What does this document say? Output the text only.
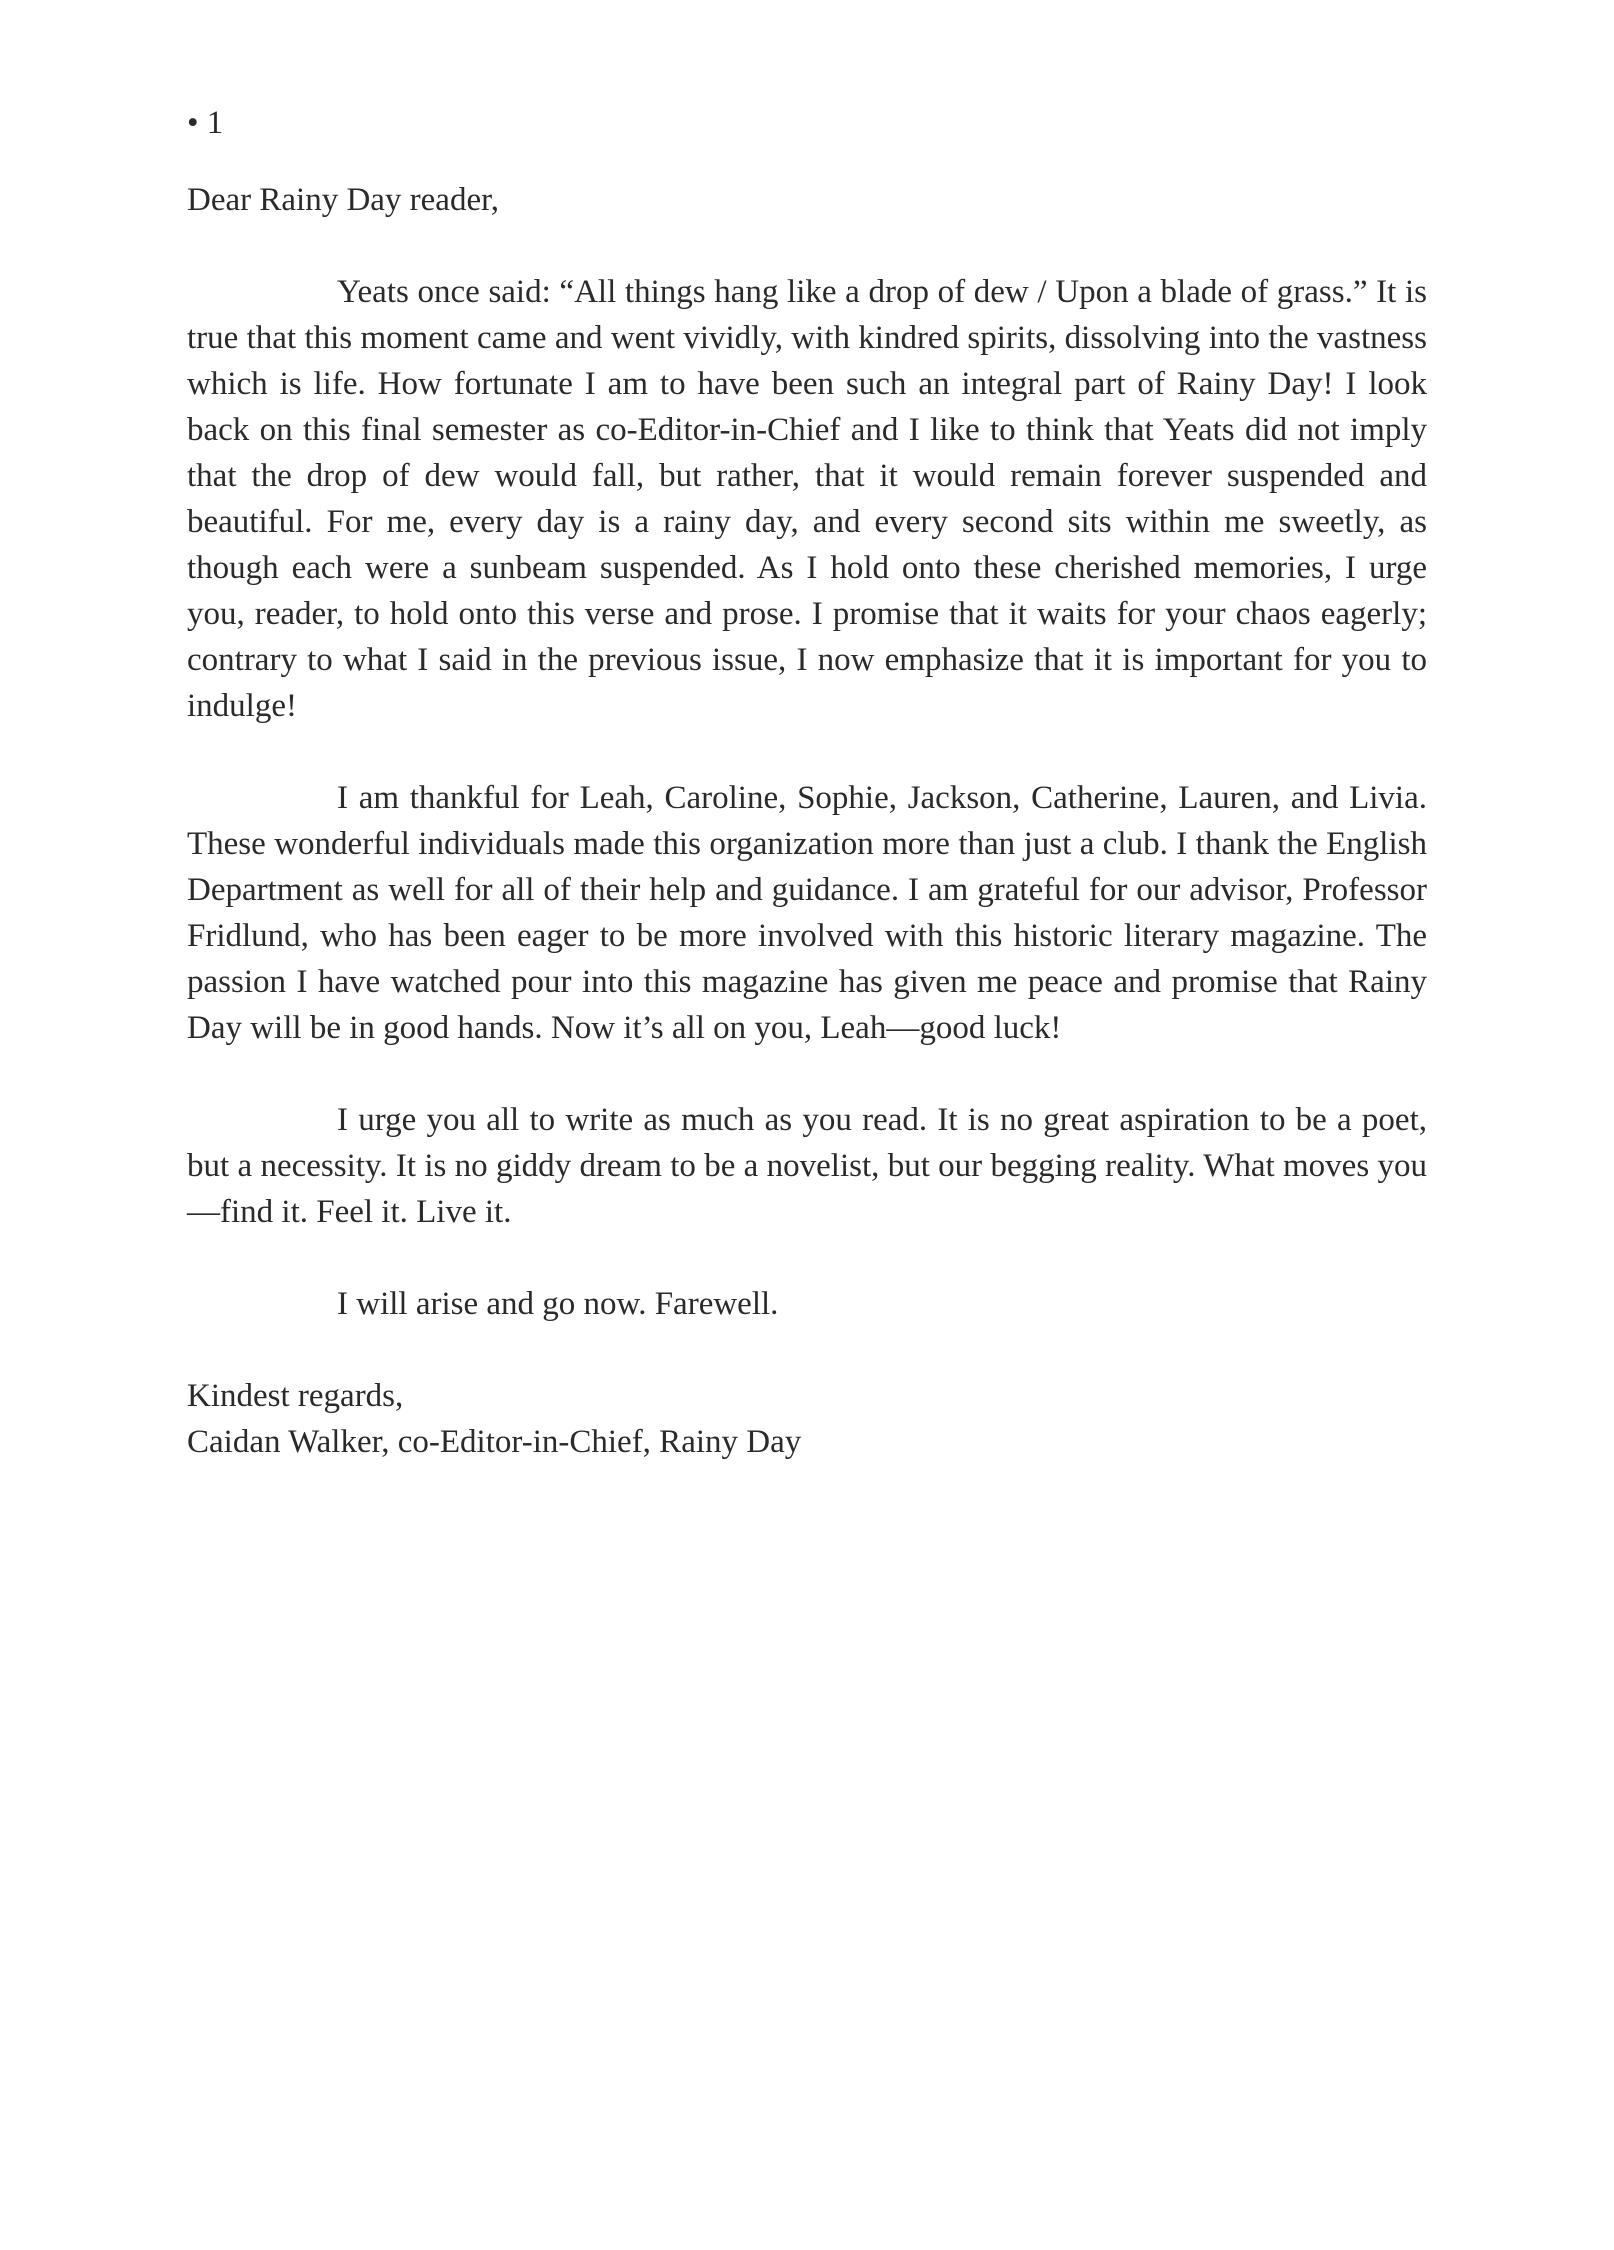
• 1

Dear Rainy Day reader,

Yeats once said: “All things hang like a drop of dew / Upon a blade of grass.” It is true that this moment came and went vividly, with kindred spirits, dissolving into the vastness which is life. How fortunate I am to have been such an integral part of Rainy Day! I look back on this final semester as co-Editor-in-Chief and I like to think that Yeats did not imply that the drop of dew would fall, but rather, that it would remain forever suspended and beautiful. For me, every day is a rainy day, and every second sits within me sweetly, as though each were a sunbeam suspended. As I hold onto these cherished memories, I urge you, reader, to hold onto this verse and prose. I promise that it waits for your chaos eagerly; contrary to what I said in the previous issue, I now emphasize that it is important for you to indulge!

I am thankful for Leah, Caroline, Sophie, Jackson, Catherine, Lauren, and Livia. These wonderful individuals made this organization more than just a club. I thank the English Department as well for all of their help and guidance. I am grateful for our advisor, Professor Fridlund, who has been eager to be more involved with this historic literary magazine. The passion I have watched pour into this magazine has given me peace and promise that Rainy Day will be in good hands. Now it’s all on you, Leah—good luck!

I urge you all to write as much as you read. It is no great aspiration to be a poet, but a necessity. It is no giddy dream to be a novelist, but our begging reality. What moves you—find it. Feel it. Live it.

I will arise and go now. Farewell.

Kindest regards,

Caidan Walker, co-Editor-in-Chief, Rainy Day
